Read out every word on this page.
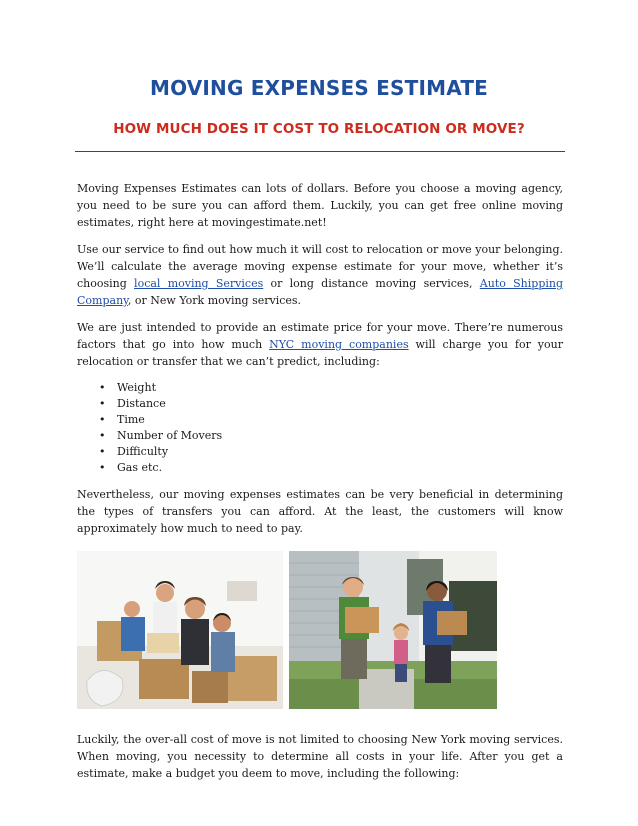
MOVING EXPENSES ESTIMATE
HOW MUCH DOES IT COST TO RELOCATION OR MOVE?

Moving Expenses Estimates can lots of dollars. Before you choose a moving agency, you need to be sure you can afford them. Luckily, you can get free online moving estimates, right here at movingestimate.net!

Use our service to find out how much it will cost to relocation or move your belonging. We’ll calculate the average moving expense estimate for your move, whether it’s choosing local moving Services or long distance moving services, Auto Shipping Company, or New York moving services.

We are just intended to provide an estimate price for your move. There’re numerous factors that go into how much NYC moving companies will charge you for your relocation or transfer that we can’t predict, including:

• Weight
• Distance
• Time
• Number of Movers
• Difficulty
• Gas etc.

Nevertheless, our moving expenses estimates can be very beneficial in determining the types of transfers you can afford. At the least, the customers will know approximately how much to need to pay.

Luckily, the over-all cost of move is not limited to choosing New York moving services. When moving, you necessity to determine all costs in your life. After you get a estimate, make a budget you deem to move, including the following:
